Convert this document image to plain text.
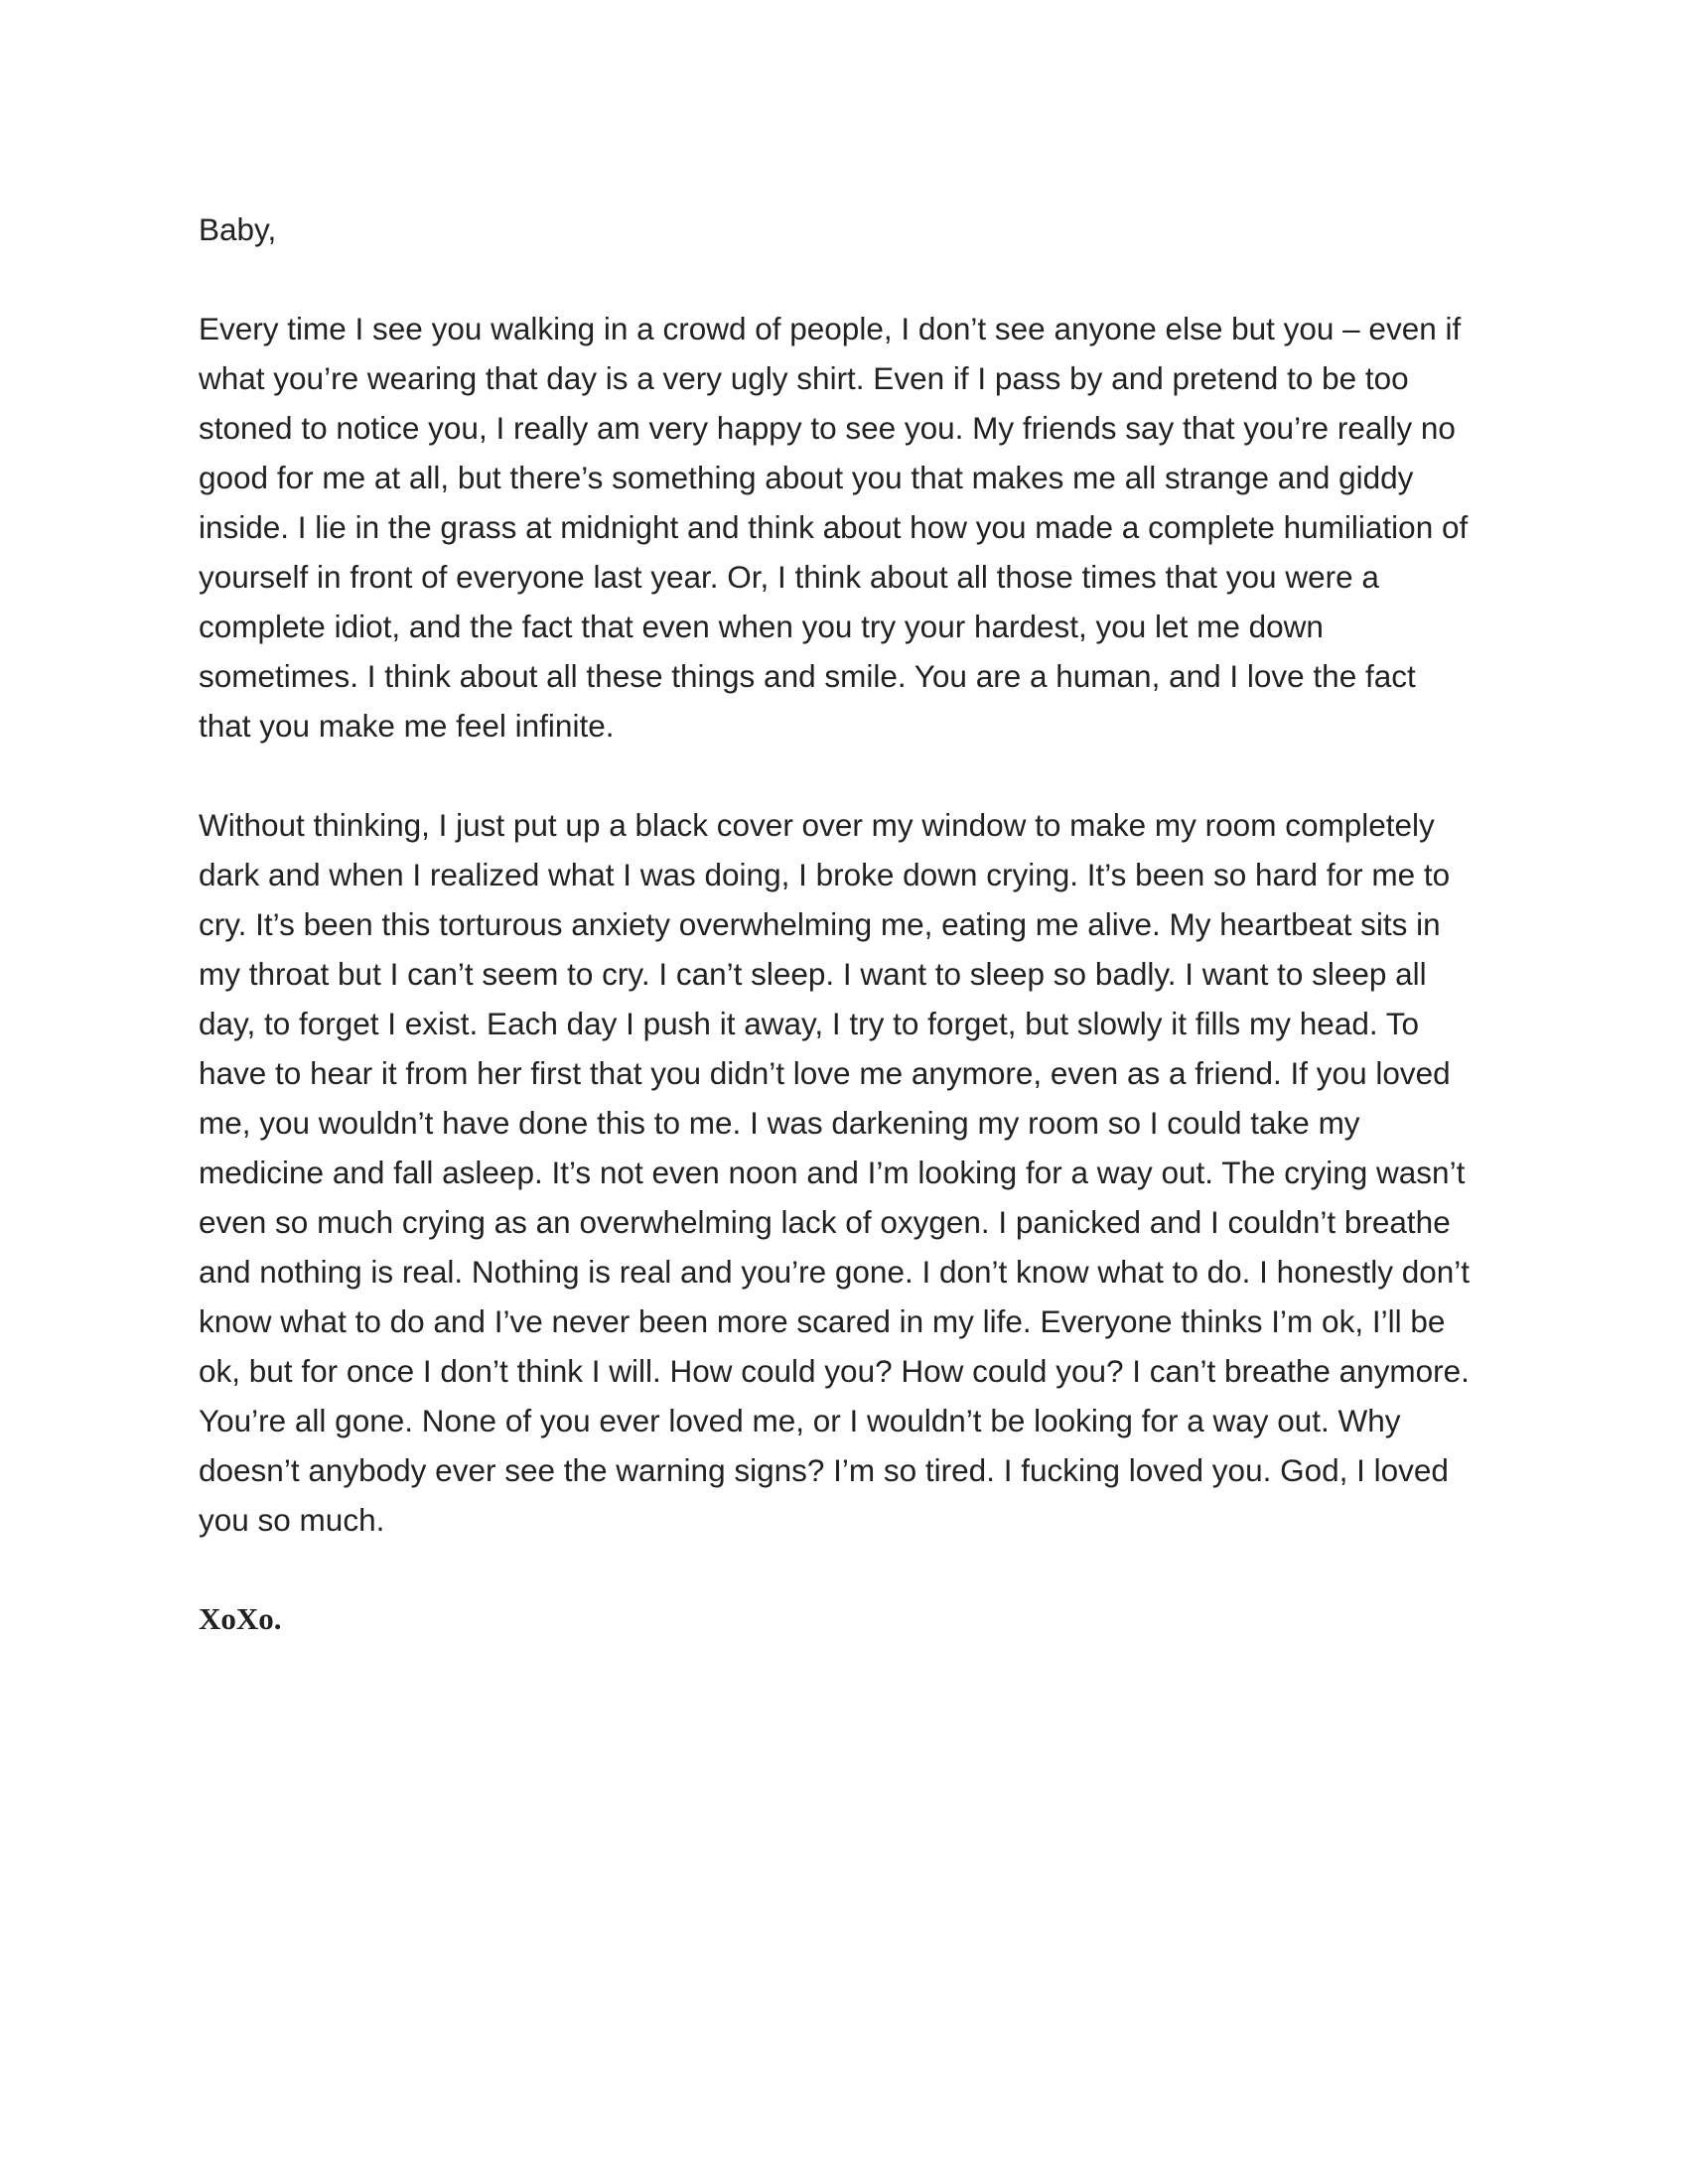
Baby,

Every time I see you walking in a crowd of people, I don’t see anyone else but you – even if
what you’re wearing that day is a very ugly shirt. Even if I pass by and pretend to be too
stoned to notice you, I really am very happy to see you. My friends say that you’re really no
good for me at all, but there’s something about you that makes me all strange and giddy
inside. I lie in the grass at midnight and think about how you made a complete humiliation of
yourself in front of everyone last year. Or, I think about all those times that you were a
complete idiot, and the fact that even when you try your hardest, you let me down
sometimes. I think about all these things and smile. You are a human, and I love the fact
that you make me feel infinite.

Without thinking, I just put up a black cover over my window to make my room completely
dark and when I realized what I was doing, I broke down crying. It’s been so hard for me to
cry. It’s been this torturous anxiety overwhelming me, eating me alive. My heartbeat sits in
my throat but I can’t seem to cry. I can’t sleep. I want to sleep so badly. I want to sleep all
day, to forget I exist. Each day I push it away, I try to forget, but slowly it fills my head. To
have to hear it from her first that you didn’t love me anymore, even as a friend. If you loved
me, you wouldn’t have done this to me. I was darkening my room so I could take my
medicine and fall asleep. It’s not even noon and I’m looking for a way out. The crying wasn’t
even so much crying as an overwhelming lack of oxygen. I panicked and I couldn’t breathe
and nothing is real. Nothing is real and you’re gone. I don’t know what to do. I honestly don’t
know what to do and I’ve never been more scared in my life. Everyone thinks I’m ok, I’ll be
ok, but for once I don’t think I will. How could you? How could you? I can’t breathe anymore.
You’re all gone. None of you ever loved me, or I wouldn’t be looking for a way out. Why
doesn’t anybody ever see the warning signs? I’m so tired. I fucking loved you. God, I loved
you so much.

XoXo.
